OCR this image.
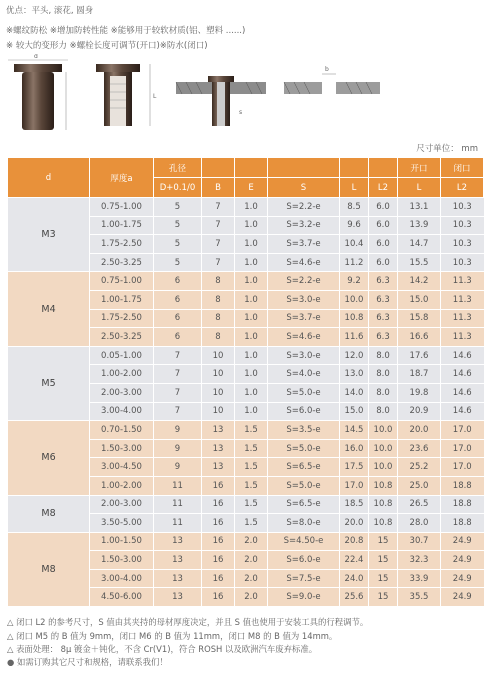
优点：平头, 滚花, 圆身
※螺纹防松 ※增加防转性能 ※能够用于较软材质(铝、塑料 ......)
※ 较大的变形力 ※螺栓长度可调节(开口)※防水(闭口)
d
L
s
b
尺寸单位： mm
d	厚度a	孔径						开口	闭口
		D+0.1/0	B	E	S	L	L2	L	L2
M3	0.75-1.00	5	7	1.0	S=2.2-e	8.5	6.0	13.1	10.3
	1.00-1.75	5	7	1.0	S=3.2-e	9.6	6.0	13.9	10.3
	1.75-2.50	5	7	1.0	S=3.7-e	10.4	6.0	14.7	10.3
	2.50-3.25	5	7	1.0	S=4.6-e	11.2	6.0	15.5	10.3
M4	0.75-1.00	6	8	1.0	S=2.2-e	9.2	6.3	14.2	11.3
	1.00-1.75	6	8	1.0	S=3.0-e	10.0	6.3	15.0	11.3
	1.75-2.50	6	8	1.0	S=3.7-e	10.8	6.3	15.8	11.3
	2.50-3.25	6	8	1.0	S=4.6-e	11.6	6.3	16.6	11.3
M5	0.05-1.00	7	10	1.0	S=3.0-e	12.0	8.0	17.6	14.6
	1.00-2.00	7	10	1.0	S=4.0-e	13.0	8.0	18.7	14.6
	2.00-3.00	7	10	1.0	S=5.0-e	14.0	8.0	19.8	14.6
	3.00-4.00	7	10	1.0	S=6.0-e	15.0	8.0	20.9	14.6
M6	0.70-1.50	9	13	1.5	S=3.5-e	14.5	10.0	20.0	17.0
	1.50-3.00	9	13	1.5	S=5.0-e	16.0	10.0	23.6	17.0
	3.00-4.50	9	13	1.5	S=6.5-e	17.5	10.0	25.2	17.0
	1.00-2.00	11	16	1.5	S=5.0-e	17.0	10.8	25.0	18.8
M8	2.00-3.00	11	16	1.5	S=6.5-e	18.5	10.8	26.5	18.8
	3.50-5.00	11	16	1.5	S=8.0-e	20.0	10.8	28.0	18.8
M8	1.00-1.50	13	16	2.0	S=4.50-e	20.8	15	30.7	24.9
	1.50-3.00	13	16	2.0	S=6.0-e	22.4	15	32.3	24.9
	3.00-4.00	13	16	2.0	S=7.5-e	24.0	15	33.9	24.9
	4.50-6.00	13	16	2.0	S=9.0-e	25.6	15	35.5	24.9
△ 闭口 L2 的参考尺寸，S 值由其夹持的母材厚度决定，并且 S 值也使用于安装工具的行程调节。
△ 闭口 M5 的 B 值为 9mm，闭口 M6 的 B 值为 11mm，闭口 M8 的 B 值为 14mm。
△ 表面处理： 8μ 镀金＋钝化，不含 Cr(V1)，符合 ROSH 以及欧洲汽车废弃标准。
● 如需订购其它尺寸和规格，请联系我们！
